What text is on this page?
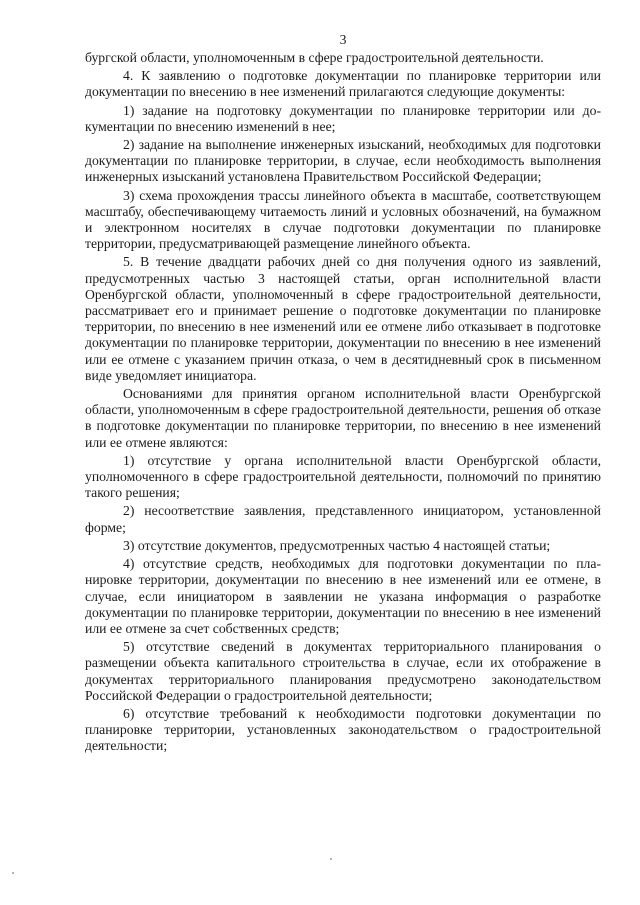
3

бургской области, уполномоченным в сфере градостроительной деятельности.

4. К заявлению о подготовке документации по планировке территории или документации по внесению в нее изменений прилагаются следующие документы:

1) задание на подготовку документации по планировке территории или документации по внесению изменений в нее;

2) задание на выполнение инженерных изысканий, необходимых для подготовки документации по планировке территории, в случае, если необходимость выполнения инженерных изысканий установлена Правительством Российской Федерации;

3) схема прохождения трассы линейного объекта в масштабе, соответствующем масштабу, обеспечивающему читаемость линий и условных обозначений, на бумажном и электронном носителях в случае подготовки документации по планировке территории, предусматривающей размещение линейного объекта.

5. В течение двадцати рабочих дней со дня получения одного из заявлений, предусмотренных частью 3 настоящей статьи, орган исполнительной власти Оренбургской области, уполномоченный в сфере градостроительной деятельности, рассматривает его и принимает решение о подготовке документации по планировке территории, по внесению в нее изменений или ее отмене либо отказывает в подготовке документации по планировке территории, документации по внесению в нее изменений или ее отмене с указанием причин отказа, о чем в десятидневный срок в письменном виде уведомляет инициатора.

Основаниями для принятия органом исполнительной власти Оренбургской области, уполномоченным в сфере градостроительной деятельности, решения об отказе в подготовке документации по планировке территории, по внесению в нее изменений или ее отмене являются:

1) отсутствие у органа исполнительной власти Оренбургской области, уполномоченного в сфере градостроительной деятельности, полномочий по принятию такого решения;

2) несоответствие заявления, представленного инициатором, установленной форме;

3) отсутствие документов, предусмотренных частью 4 настоящей статьи;

4) отсутствие средств, необходимых для подготовки документации по планировке территории, документации по внесению в нее изменений или ее отмене, в случае, если инициатором в заявлении не указана информация о разработке документации по планировке территории, документации по внесению в нее изменений или ее отмене за счет собственных средств;

5) отсутствие сведений в документах территориального планирования о размещении объекта капитального строительства в случае, если их отображение в документах территориального планирования предусмотрено законодательством Российской Федерации о градостроительной деятельности;

6) отсутствие требований к необходимости подготовки документации по планировке территории, установленных законодательством о градостроительной деятельности;
